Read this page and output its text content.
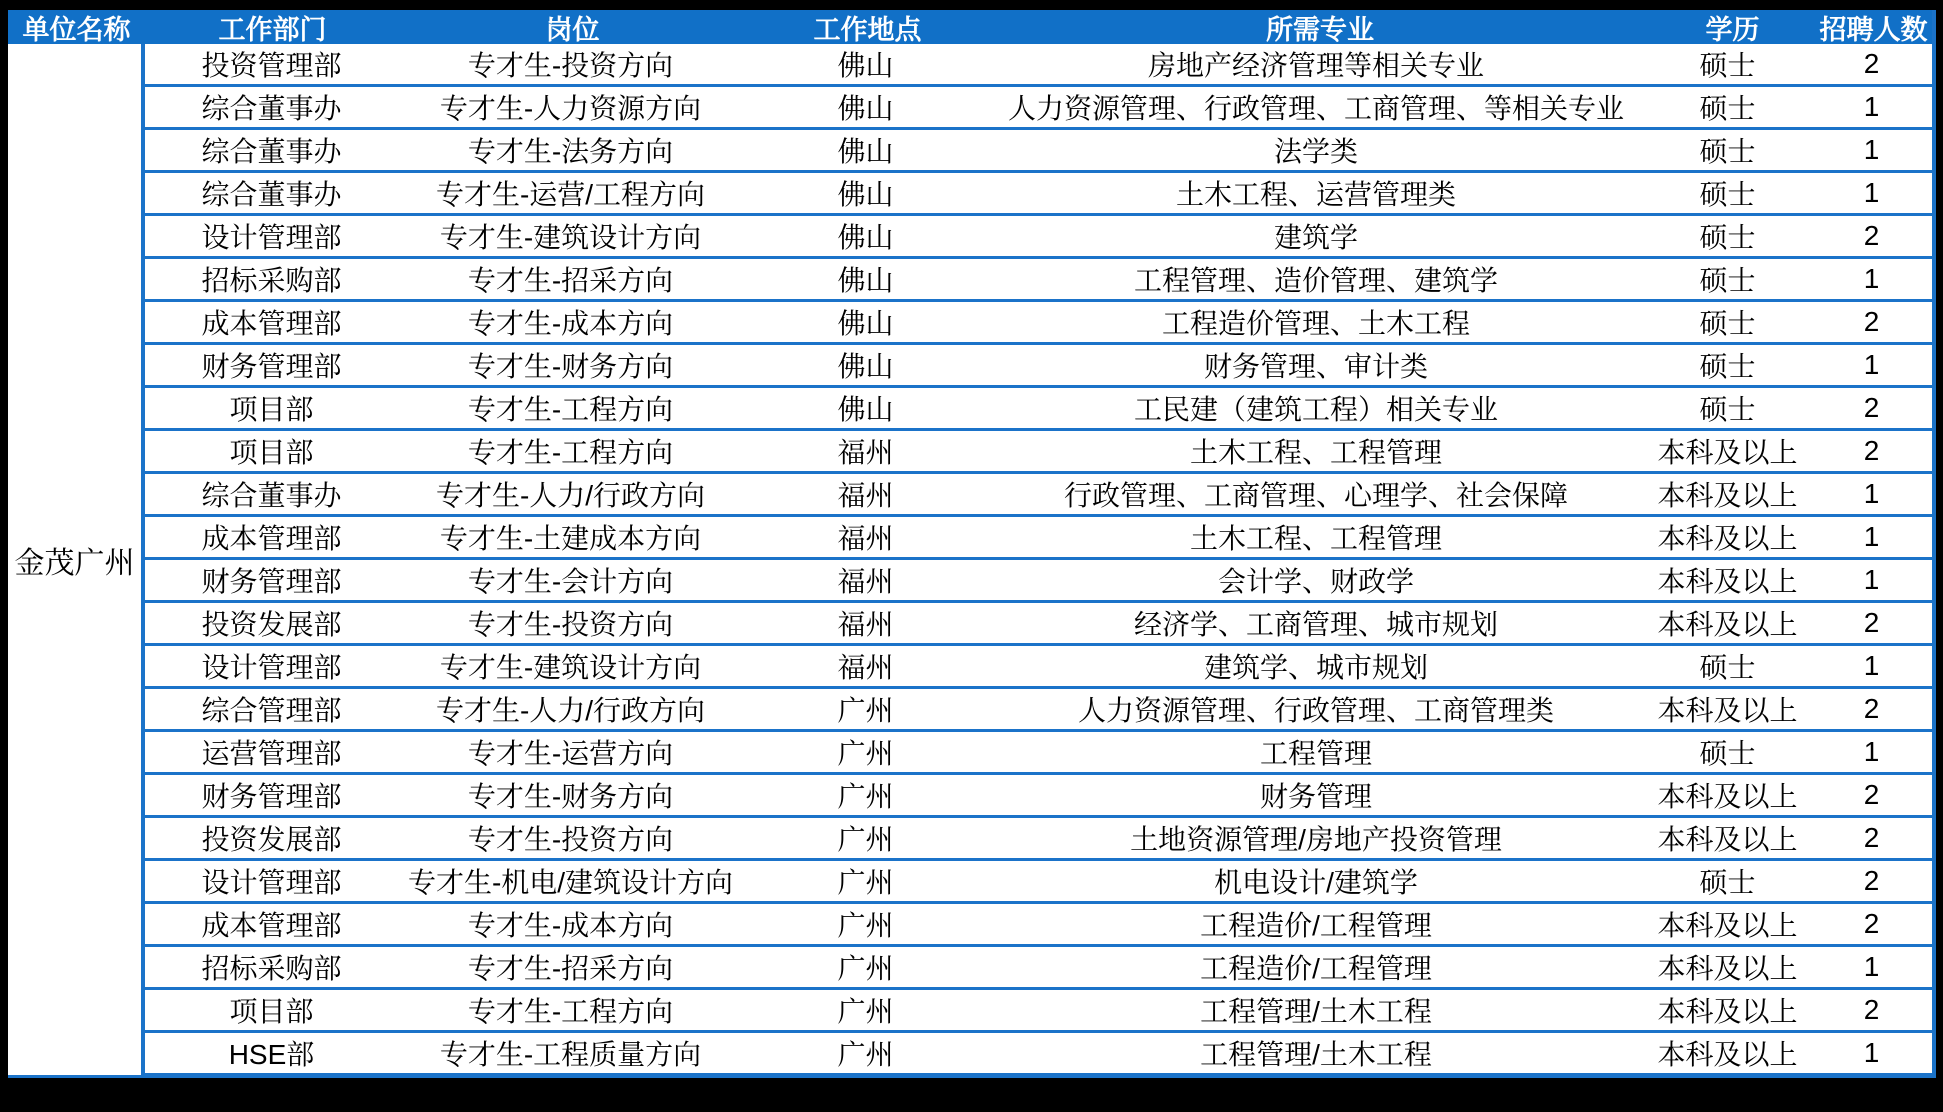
单位名称	工作部门	岗位	工作地点	所需专业	学历	招聘人数
金茂广州
投资管理部	专才生-投资方向	佛山	房地产经济管理等相关专业	硕士	2
综合董事办	专才生-人力资源方向	佛山	人力资源管理、行政管理、工商管理、等相关专业	硕士	1
综合董事办	专才生-法务方向	佛山	法学类	硕士	1
综合董事办	专才生-运营/工程方向	佛山	土木工程、运营管理类	硕士	1
设计管理部	专才生-建筑设计方向	佛山	建筑学	硕士	2
招标采购部	专才生-招采方向	佛山	工程管理、造价管理、建筑学	硕士	1
成本管理部	专才生-成本方向	佛山	工程造价管理、土木工程	硕士	2
财务管理部	专才生-财务方向	佛山	财务管理、审计类	硕士	1
项目部	专才生-工程方向	佛山	工民建（建筑工程）相关专业	硕士	2
项目部	专才生-工程方向	福州	土木工程、工程管理	本科及以上	2
综合董事办	专才生-人力/行政方向	福州	行政管理、工商管理、心理学、社会保障	本科及以上	1
成本管理部	专才生-土建成本方向	福州	土木工程、工程管理	本科及以上	1
财务管理部	专才生-会计方向	福州	会计学、财政学	本科及以上	1
投资发展部	专才生-投资方向	福州	经济学、工商管理、城市规划	本科及以上	2
设计管理部	专才生-建筑设计方向	福州	建筑学、城市规划	硕士	1
综合管理部	专才生-人力/行政方向	广州	人力资源管理、行政管理、工商管理类	本科及以上	2
运营管理部	专才生-运营方向	广州	工程管理	硕士	1
财务管理部	专才生-财务方向	广州	财务管理	本科及以上	2
投资发展部	专才生-投资方向	广州	土地资源管理/房地产投资管理	本科及以上	2
设计管理部	专才生-机电/建筑设计方向	广州	机电设计/建筑学	硕士	2
成本管理部	专才生-成本方向	广州	工程造价/工程管理	本科及以上	2
招标采购部	专才生-招采方向	广州	工程造价/工程管理	本科及以上	1
项目部	专才生-工程方向	广州	工程管理/土木工程	本科及以上	2
HSE部	专才生-工程质量方向	广州	工程管理/土木工程	本科及以上	1
客户关系部	专才生-工程管理方向	广州	工程管理类/工商管理类	本科及以上	1
